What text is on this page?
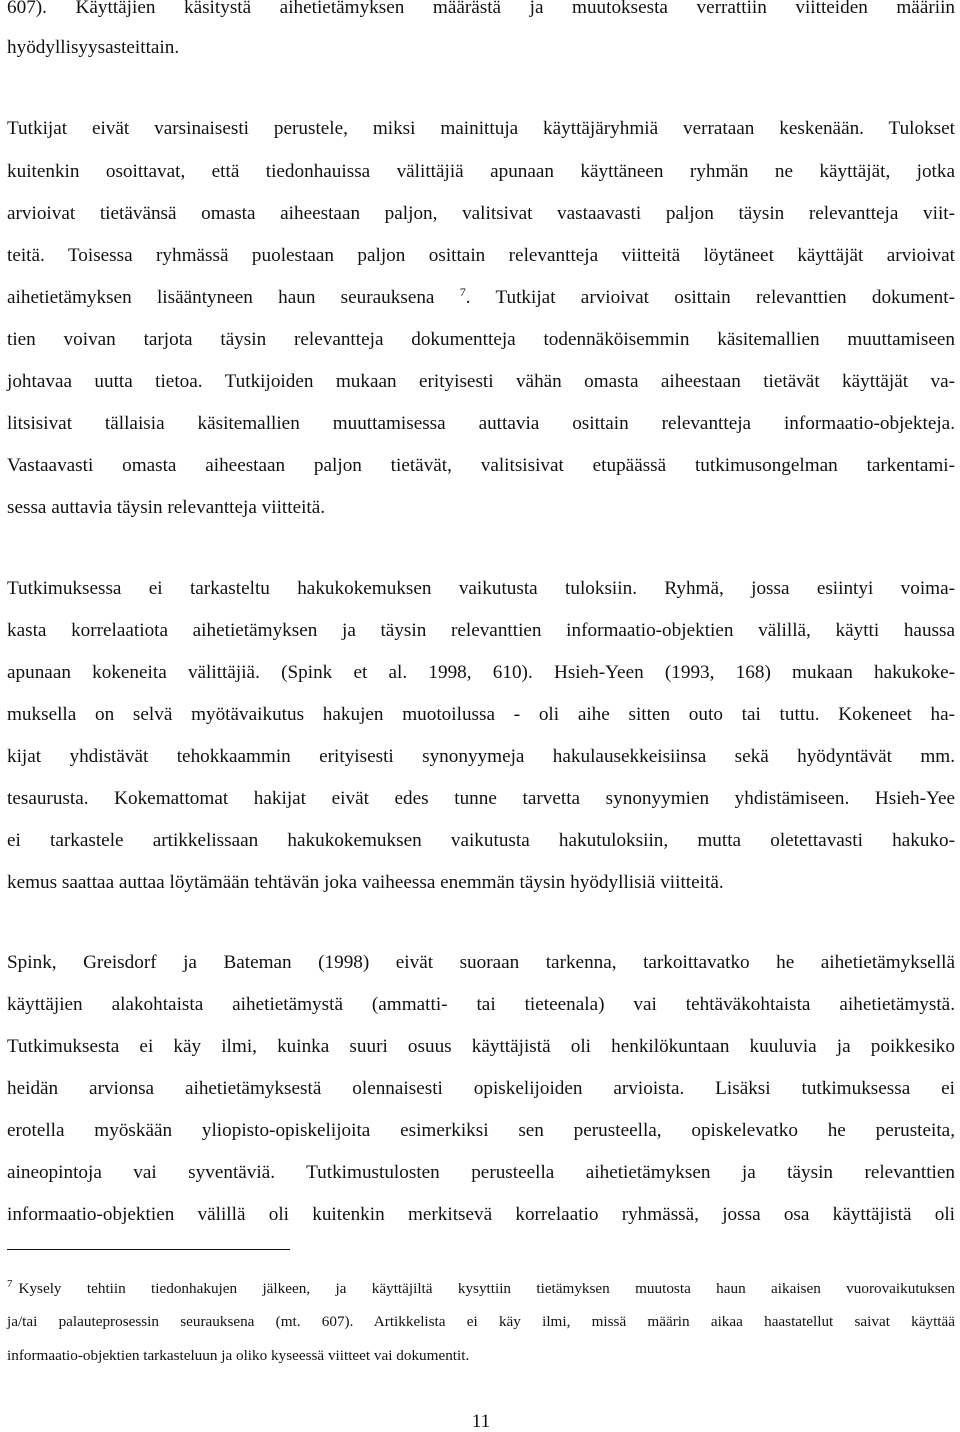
607). Käyttäjien käsitystä aihetietämyksen määrästä ja muutoksesta verrattiin viitteiden määriin
hyödyllisyysasteittain.
Tutkijat eivät varsinaisesti perustele, miksi mainittuja käyttäjäryhmiä verrataan keskenään. Tulokset
kuitenkin osoittavat, että tiedonhauissa välittäjiä apunaan käyttäneen ryhmän ne käyttäjät, jotka
arvioivat tietävänsä omasta aiheestaan paljon, valitsivat vastaavasti paljon täysin relevantteja viit-
teitä. Toisessa ryhmässä puolestaan paljon osittain relevantteja viitteitä löytäneet käyttäjät arvioivat
aihetietämyksen lisääntyneen haun seurauksena $^7$. Tutkijat arvioivat osittain relevanttien dokument-
tien voivan tarjota täysin relevantteja dokumentteja todennäköisemmin käsitemallien muuttamiseen
johtavaa uutta tietoa. Tutkijoiden mukaan erityisesti vähän omasta aiheestaan tietävät käyttäjät va-
litsisivat tällaisia käsitemallien muuttamisessa auttavia osittain relevantteja informaatio-objekteja.
Vastaavasti omasta aiheestaan paljon tietävät, valitsisivat etupäässä tutkimusongelman tarkentami-
sessa auttavia täysin relevantteja viitteitä.
Tutkimuksessa ei tarkasteltu hakukokemuksen vaikutusta tuloksiin. Ryhmä, jossa esiintyi voima-
kasta korrelaatiota aihetietämyksen ja täysin relevanttien informaatio-objektien välillä, käytti haussa
apunaan kokeneita välittäjiä. (Spink et al. 1998, 610). Hsieh-Yeen (1993, 168) mukaan hakukoke-
muksella on selvä myötävaikutus hakujen muotoilussa - oli aihe sitten outo tai tuttu. Kokeneet ha-
kijat yhdistävät tehokkaammin erityisesti synonyymeja hakulausekkeisiinsa sekä hyödyntävät mm.
tesaurusta. Kokemattomat hakijat eivät edes tunne tarvetta synonyymien yhdistämiseen. Hsieh-Yee
ei tarkastele artikkelissaan hakukokemuksen vaikutusta hakutuloksiin, mutta oletettavasti hakuko-
kemus saattaa auttaa löytämään tehtävän joka vaiheessa enemmän täysin hyödyllisiä viitteitä.
Spink, Greisdorf ja Bateman (1998) eivät suoraan tarkenna, tarkoittavatko he aihetietämyksellä
käyttäjien alakohtaista aihetietämystä (ammatti- tai tieteenala) vai tehtäväkohtaista aihetietämystä.
Tutkimuksesta ei käy ilmi, kuinka suuri osuus käyttäjistä oli henkilökuntaan kuuluvia ja poikkesiko
heidän arvionsa aihetietämyksestä olennaisesti opiskelijoiden arvioista. Lisäksi tutkimuksessa ei
erotella myöskään yliopisto-opiskelijoita esimerkiksi sen perusteella, opiskelevatko he perusteita,
aineopintoja vai syventäviä. Tutkimustulosten perusteella aihetietämyksen ja täysin relevanttien
informaatio-objektien välillä oli kuitenkin merkitsevä korrelaatio ryhmässä, jossa osa käyttäjistä oli
$^7$ Kysely tehtiin tiedonhakujen jälkeen, ja käyttäjiltä kysyttiin tietämyksen muutosta haun aikaisen vuorovaikutuksen
ja/tai palauteprosessin seurauksena (mt. 607). Artikkelista ei käy ilmi, missä määrin aikaa haastatellut saivat käyttää
informaatio-objektien tarkasteluun ja oliko kyseessä viitteet vai dokumentit.
11
